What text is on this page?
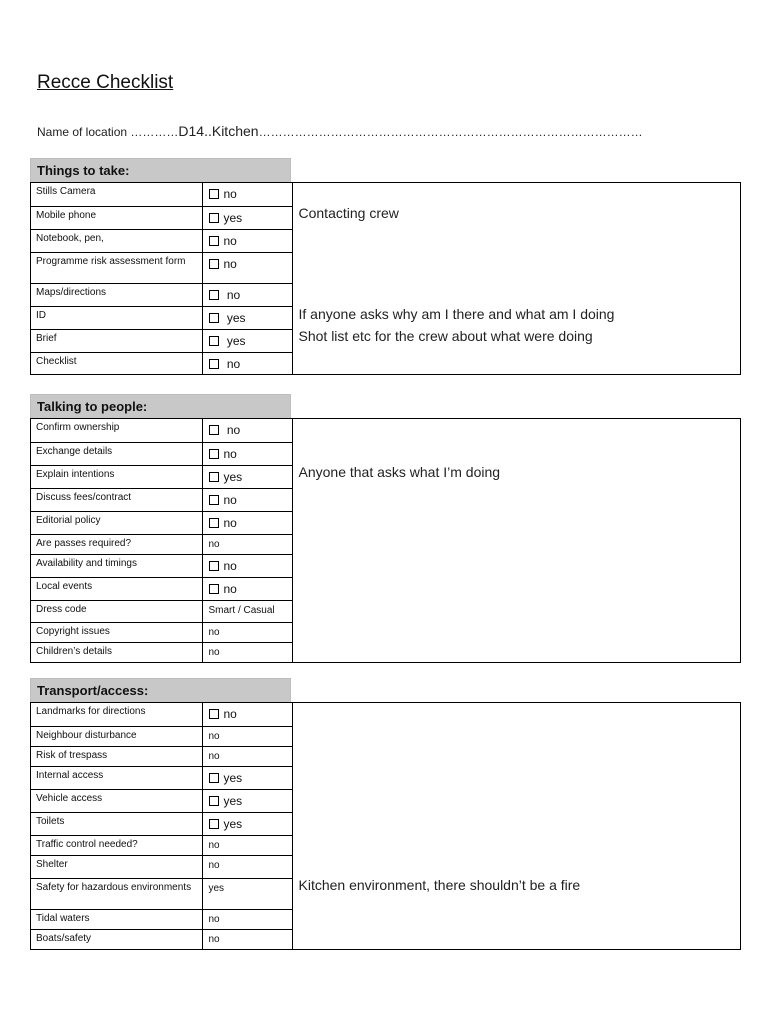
Recce Checklist
Name of location …………D14..Kitchen……………………………………………………………………………………
Things to take:
Stills Camera	no
Mobile phone	yes
Notebook, pen,	no
Programme risk assessment form	no
Maps/directions	no
ID	yes
Brief	yes
Checklist	no
Contacting crew
If anyone asks why am I there and what am I doing
Shot list etc for the crew about what were doing
Talking to people:
Confirm ownership	no
Exchange details	no
Explain intentions	yes
Discuss fees/contract	no
Editorial policy	no
Are passes required?	no
Availability and timings	no
Local events	no
Dress code	Smart / Casual
Copyright issues	no
Children’s details	no
Anyone that asks what I’m doing
Transport/access:
Landmarks for directions	no
Neighbour disturbance	no
Risk of trespass	no
Internal access	yes
Vehicle access	yes
Toilets	yes
Traffic control needed?	no
Shelter	no
Safety for hazardous environments	yes
Tidal waters	no
Boats/safety	no
Kitchen environment, there shouldn’t be a fire
